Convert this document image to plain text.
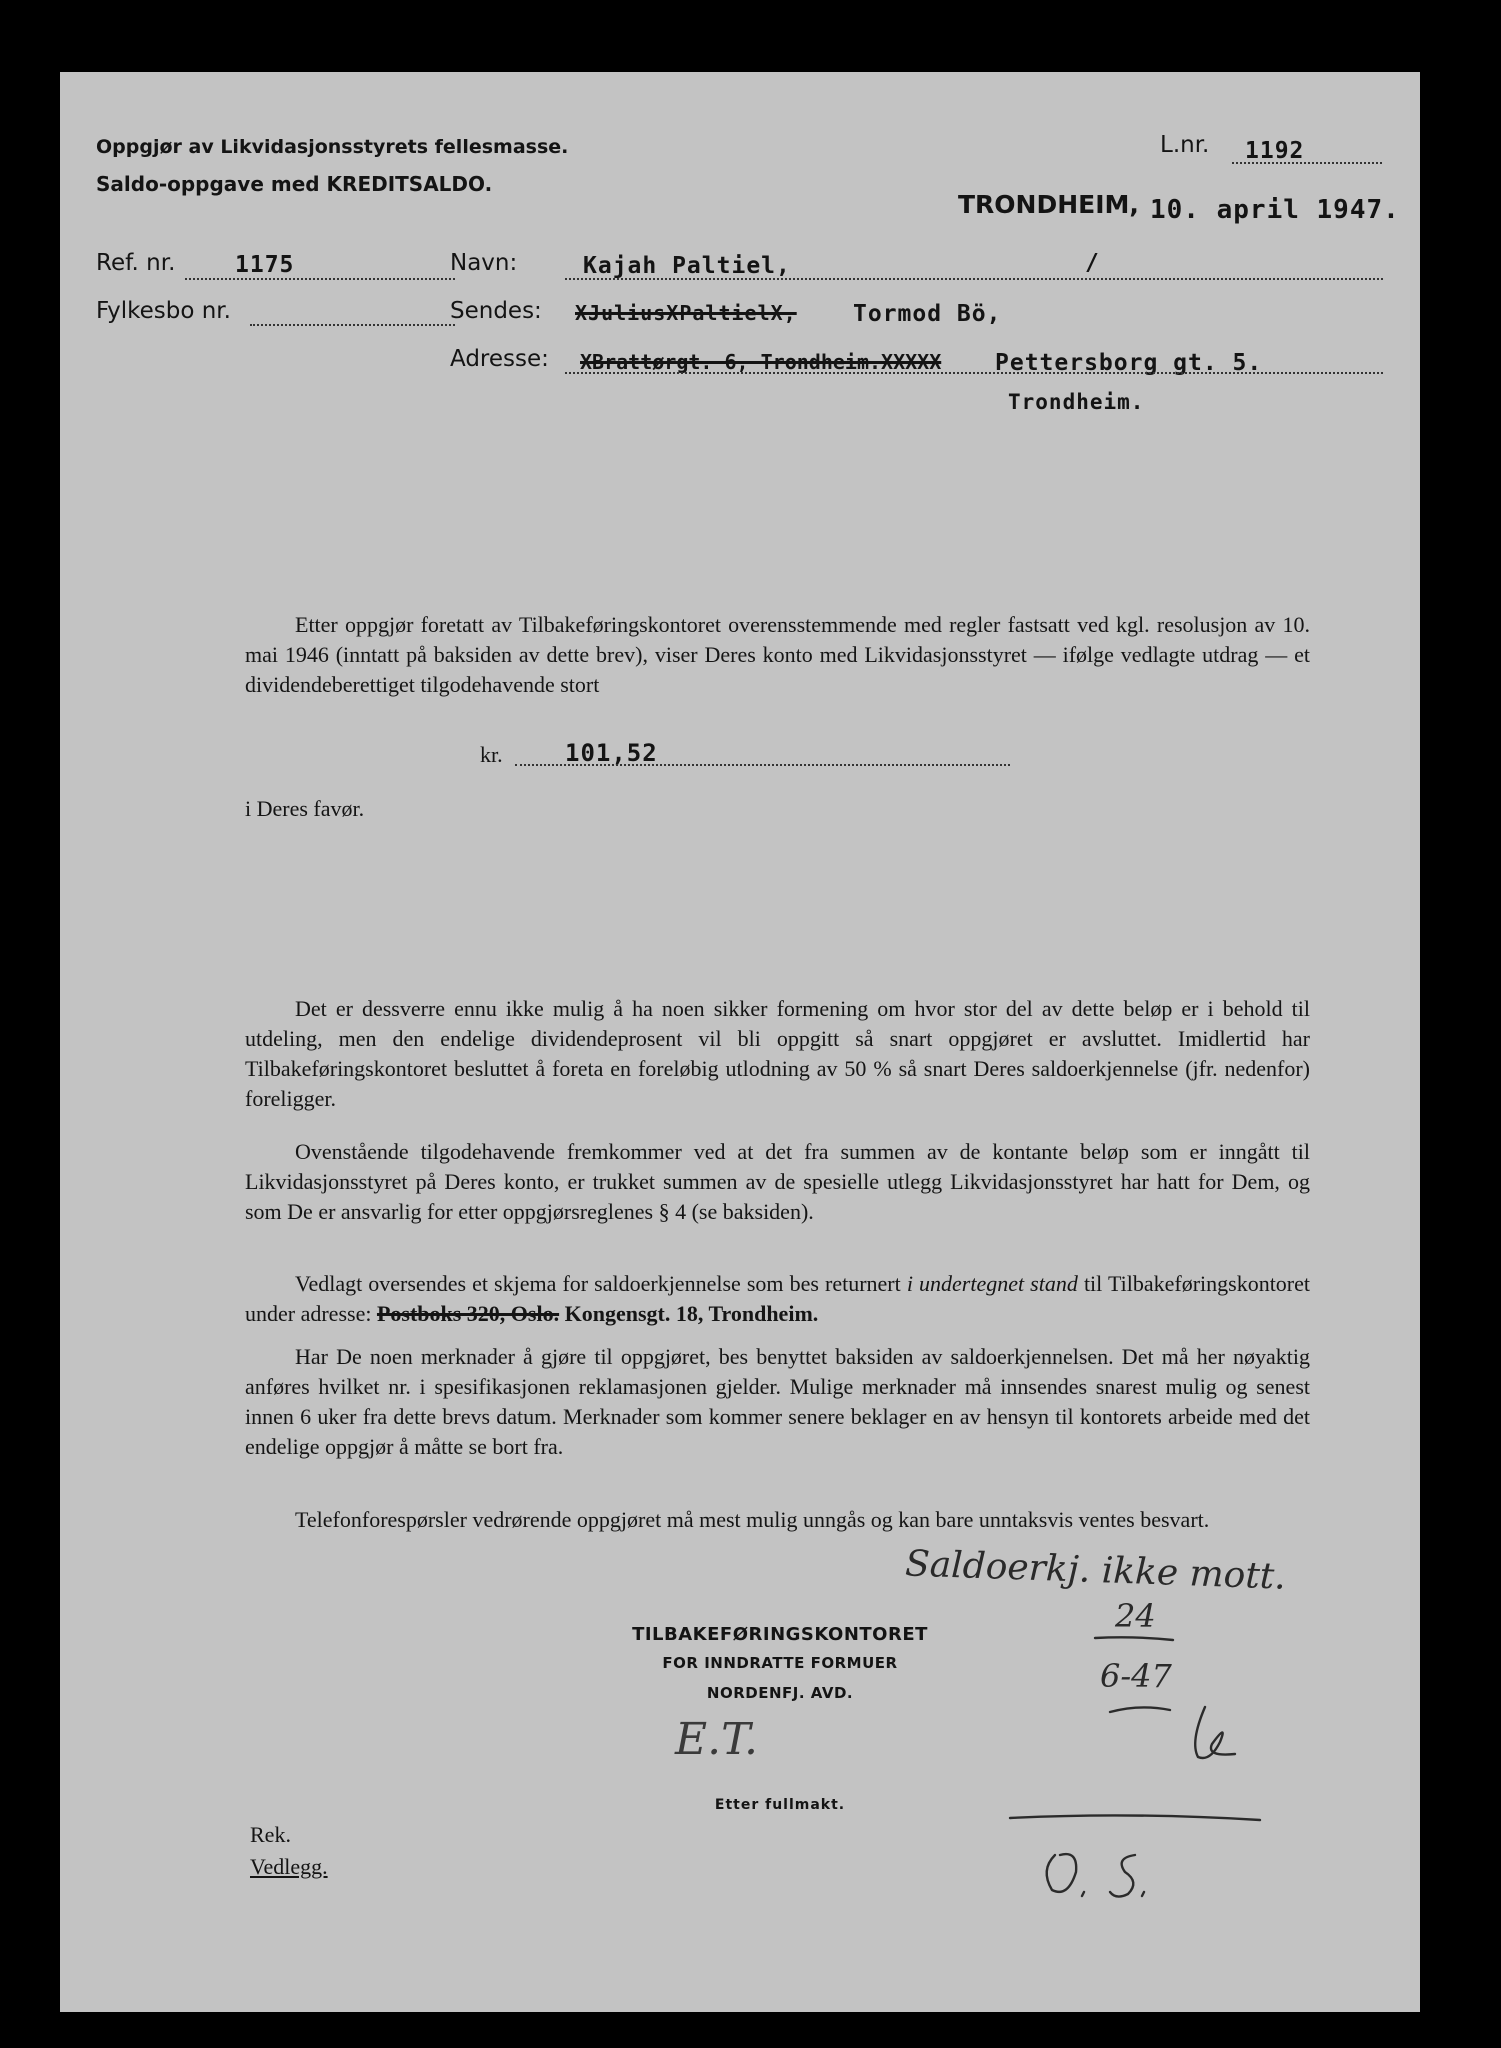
Oppgjør av Likvidasjonsstyrets fellesmasse.
Saldo-oppgave med KREDITSALDO.
L.nr. 1192
TRONDHEIM, 10. april 1947.
Ref. nr.	1175
Fylkesbo nr.
Navn:	Kajah Paltiel,	/
Sendes: XJuliusXPaltielX, Tormod Bö,
Adresse: XBrattørgt. 6, Trondheim.XXXXX Pettersborg gt. 5.
Trondheim.
Etter oppgjør foretatt av Tilbakeføringskontoret overensstemmende med regler fastsatt ved kgl. resolusjon av 10. mai 1946 (inntatt på baksiden av dette brev), viser Deres konto med Likvidasjonsstyret — ifølge vedlagte utdrag — et dividendeberettiget tilgodehavende stort
kr.	101,52
i Deres favør.
Det er dessverre ennu ikke mulig å ha noen sikker formening om hvor stor del av dette beløp er i behold til utdeling, men den endelige dividendeprosent vil bli oppgitt så snart oppgjøret er avsluttet. Imidlertid har Tilbakeføringskontoret besluttet å foreta en foreløbig utlodning av 50 % så snart Deres saldoerkjennelse (jfr. nedenfor) foreligger.
Ovenstående tilgodehavende fremkommer ved at det fra summen av de kontante beløp som er inngått til Likvidasjonsstyret på Deres konto, er trukket summen av de spesielle utlegg Likvidasjonsstyret har hatt for Dem, og som De er ansvarlig for etter oppgjørsreglenes § 4 (se baksiden).
Vedlagt oversendes et skjema for saldoerkjennelse som bes returnert i undertegnet stand til Tilbakeføringskontoret under adresse: Postboks 320, Oslo. Kongensgt. 18, Trondheim.
Har De noen merknader å gjøre til oppgjøret, bes benyttet baksiden av saldoerkjennelsen. Det må her nøyaktig anføres hvilket nr. i spesifikasjonen reklamasjonen gjelder. Mulige merknader må innsendes snarest mulig og senest innen 6 uker fra dette brevs datum. Merknader som kommer senere beklager en av hensyn til kontorets arbeide med det endelige oppgjør å måtte se bort fra.
Telefonforespørsler vedrørende oppgjøret må mest mulig unngås og kan bare unntaksvis ventes besvart.
TILBAKEFØRINGSKONTORET
FOR INNDRATTE FORMUER
NORDENFJ. AVD.
E.T.
Etter fullmakt.
Saldoerkj. ikke mott.
24
6-47
Rek.
Vedlegg.
